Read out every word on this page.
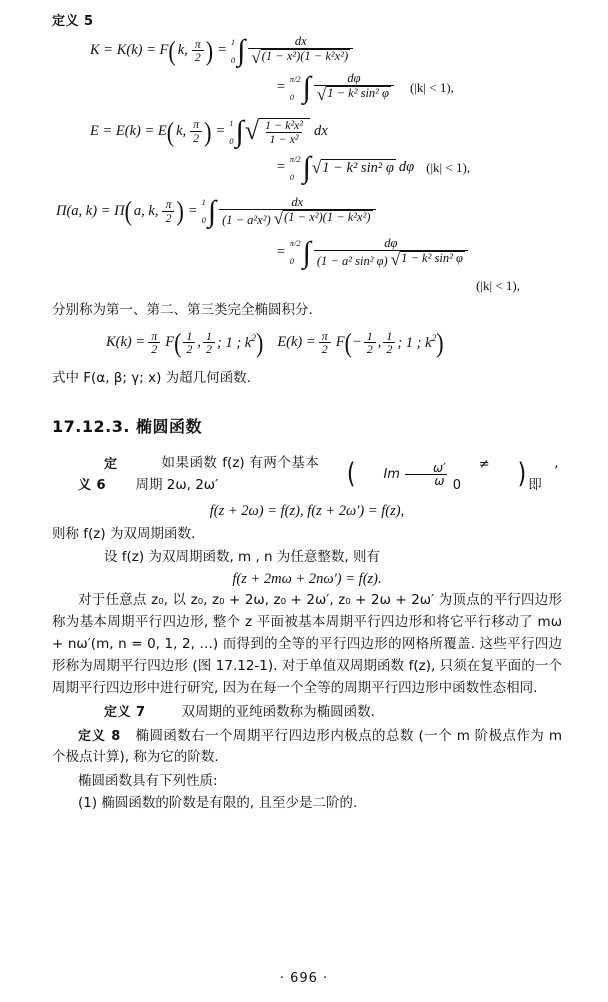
定义 5
K = K(k) = F ( k, $\frac{\pi}{2}$ ) =
1
0 ∫ $\frac{dx}{\text{√ (1 − x²)(1 − k²x²)}}$
=
π/2
0 ∫ $\frac{d\varphi}{\text{√ 1 − k² sin² φ}} (|k| < 1)$,
E = E(k) = E ( k, $\frac{\pi}{2}$ ) =
1
0 ∫ √ $\frac{\text{1 − k²x²}}{\text{1 − x²}}$ dx
=
π/2
0 ∫ √ 1 − k² sin² φ dφ (|k| < 1),
Π(a, k) = Π ( a, k, $\frac{\pi}{2}$ ) =
1
0 ∫	dx
(1 − a²x²) √ (1 − x²)(1 − k²x²)
=
π/2
0 ∫	dφ
(1 − a² sin² φ) √ 1 − k² sin² φ
(|k| < 1),
分别称为第一、第二、第三类完全椭圆积分.
$K(k) = \frac{\pi}{2}$ F ( $\frac{1}{2}$ , $\frac{1}{2}$ ; 1 ; $k^2$ ) $E(k) = \frac{\pi}{2}$ F ( − $\frac{1}{2}$ , $\frac{1}{2}$ ; 1 ; $k^2$ )
式中 F(α, β; γ; x) 为超几何函数.
17.12.3. 椭圆函数
定义 6
如果函数 f(z) 有两个基本周期 2ω, 2ω′	(	Im $\frac{\omega'}{\omega}$	≠ 0	)	, 即
f(z + 2ω) = f(z), f(z + 2ω′) = f(z),
则称 f(z) 为双周期函数.
设 f(z) 为双周期函数, m , n 为任意整数, 则有
f(z + 2mω + 2nω′) = f(z).
对于任意点 z₀, 以 z₀, z₀ + 2ω, z₀ + 2ω′, z₀ + 2ω + 2ω′ 为顶点的平行四边形称为基本周期平行四边形, 整个 z 平面被基本周期平行四边形和将它平行移动了 mω + nω′(m, n = 0, 1, 2, …) 而得到的全等的平行四边形的网格所覆盖. 这些平行四边形称为周期平行四边形 (图 17.12-1). 对于单值双周期函数 f(z), 只须在复平面的一个周期平行四边形中进行研究, 因为在每一个全等的周期平行四边形中函数性态相同.
定义 7	双周期的亚纯函数称为椭圆函数.
定义 8 椭圆函数右一个周期平行四边形内极点的总数 (一个 m 阶极点作为 m 个极点计算), 称为它的阶数.
椭圆函数具有下列性质:
(1) 椭圆函数的阶数是有限的, 且至少是二阶的.
· 696 ·
